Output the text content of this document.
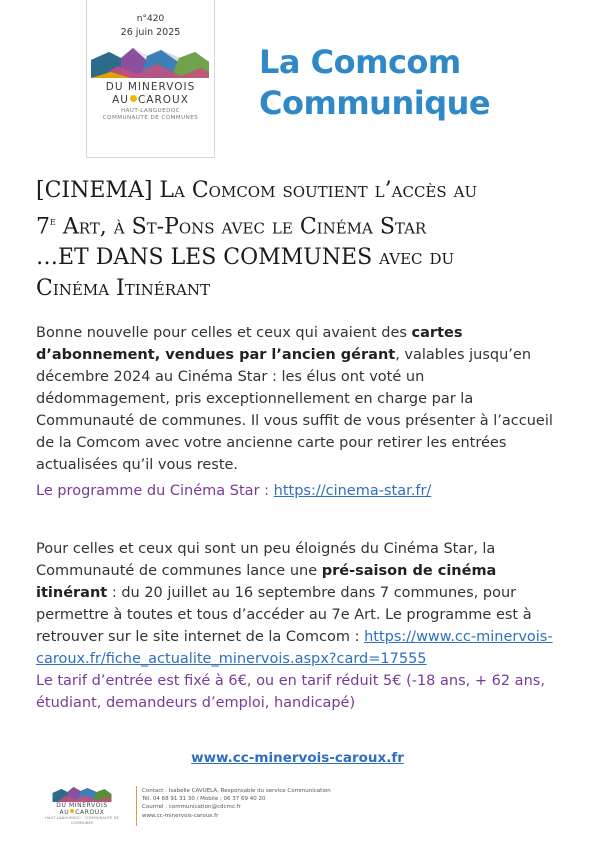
n°420
26 juin 2025
DU MINERVOIS
AU CAROUX
HAUT-LANGUEDOC
COMMUNAUTÉ DE COMMUNES
La Comcom
Communique
[CINEMA] La Comcom soutient l’accès au
7e Art, à St-Pons avec le Cinéma Star
…ET DANS LES COMMUNES avec du
Cinéma Itinérant
Bonne nouvelle pour celles et ceux qui avaient des cartes d’abonnement, vendues par l’ancien gérant, valables jusqu’en décembre 2024 au Cinéma Star : les élus ont voté un dédommagement, pris exceptionnellement en charge par la Communauté de communes. Il vous suffit de vous présenter à l’accueil de la Comcom avec votre ancienne carte pour retirer les entrées actualisées qu’il vous reste.
Le programme du Cinéma Star : https://cinema-star.fr/
Pour celles et ceux qui sont un peu éloignés du Cinéma Star, la Communauté de communes lance une pré-saison de cinéma itinérant : du 20 juillet au 16 septembre dans 7 communes, pour permettre à toutes et tous d’accéder au 7e Art. Le programme est à retrouver sur le site internet de la Comcom : https://www.cc-minervois-caroux.fr/fiche_actualite_minervois.aspx?card=17555
Le tarif d’entrée est fixé à 6€, ou en tarif réduit 5€ (-18 ans, + 62 ans, étudiant, demandeurs d’emploi, handicapé)
www.cc-minervois-caroux.fr
DU MINERVOIS
AU CAROUX
HAUT-LANGUEDOC · COMMUNAUTÉ DE COMMUNES
Contact : Isabelle CAVUELA, Responsable du service Communication
Tél. 04 68 91 31 30 / Mobile : 06 37 69 40 20
Courriel : communication@cdcmc.fr
www.cc-minervois-caroux.fr
